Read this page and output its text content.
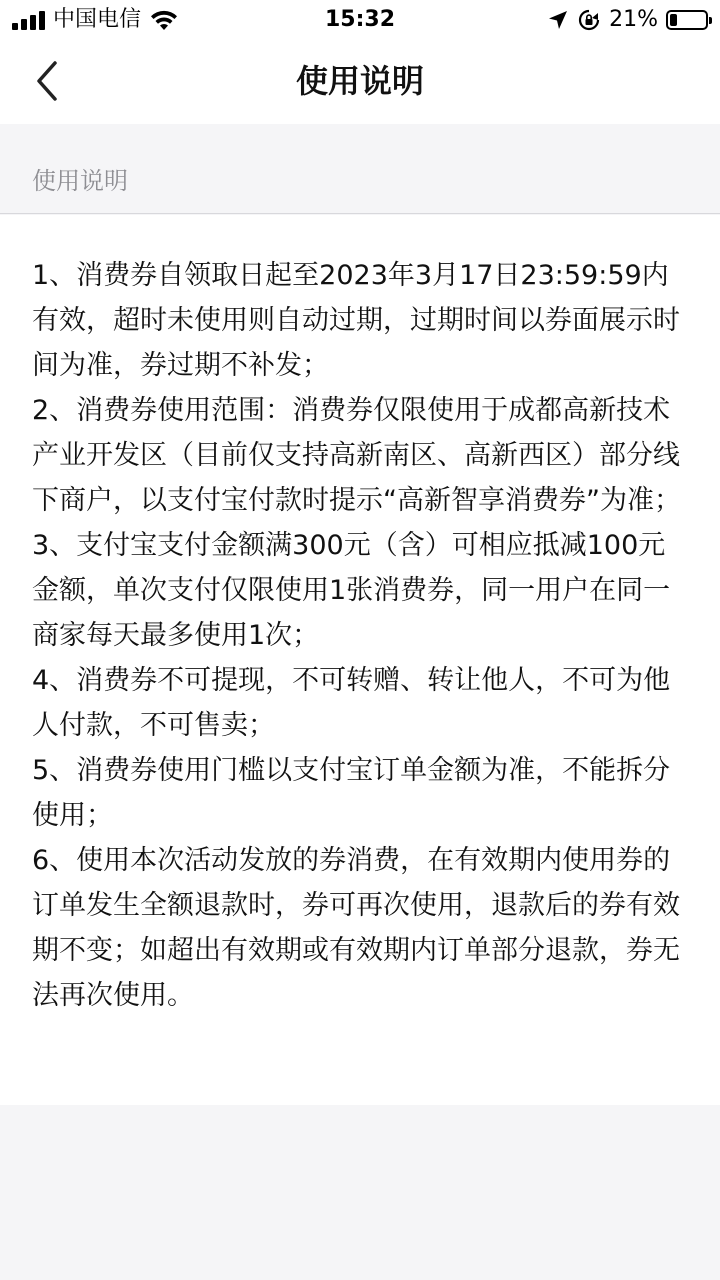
中国电信	15:32	21%
使用说明
使用说明

1、消费券自领取日起至2023年3月17日23:59:59内有效，超时未使用则自动过期，过期时间以券面展示时间为准，券过期不补发；

2、消费券使用范围：消费券仅限使用于成都高新技术产业开发区（目前仅支持高新南区、高新西区）部分线下商户，以支付宝付款时提示“高新智享消费券”为准；

3、支付宝支付金额满300元（含）可相应抵减100元金额，单次支付仅限使用1张消费券，同一用户在同一商家每天最多使用1次；

4、消费券不可提现，不可转赠、转让他人，不可为他人付款，不可售卖；

5、消费券使用门槛以支付宝订单金额为准，不能拆分使用；

6、使用本次活动发放的券消费，在有效期内使用券的订单发生全额退款时，券可再次使用，退款后的券有效期不变；如超出有效期或有效期内订单部分退款，券无法再次使用。
